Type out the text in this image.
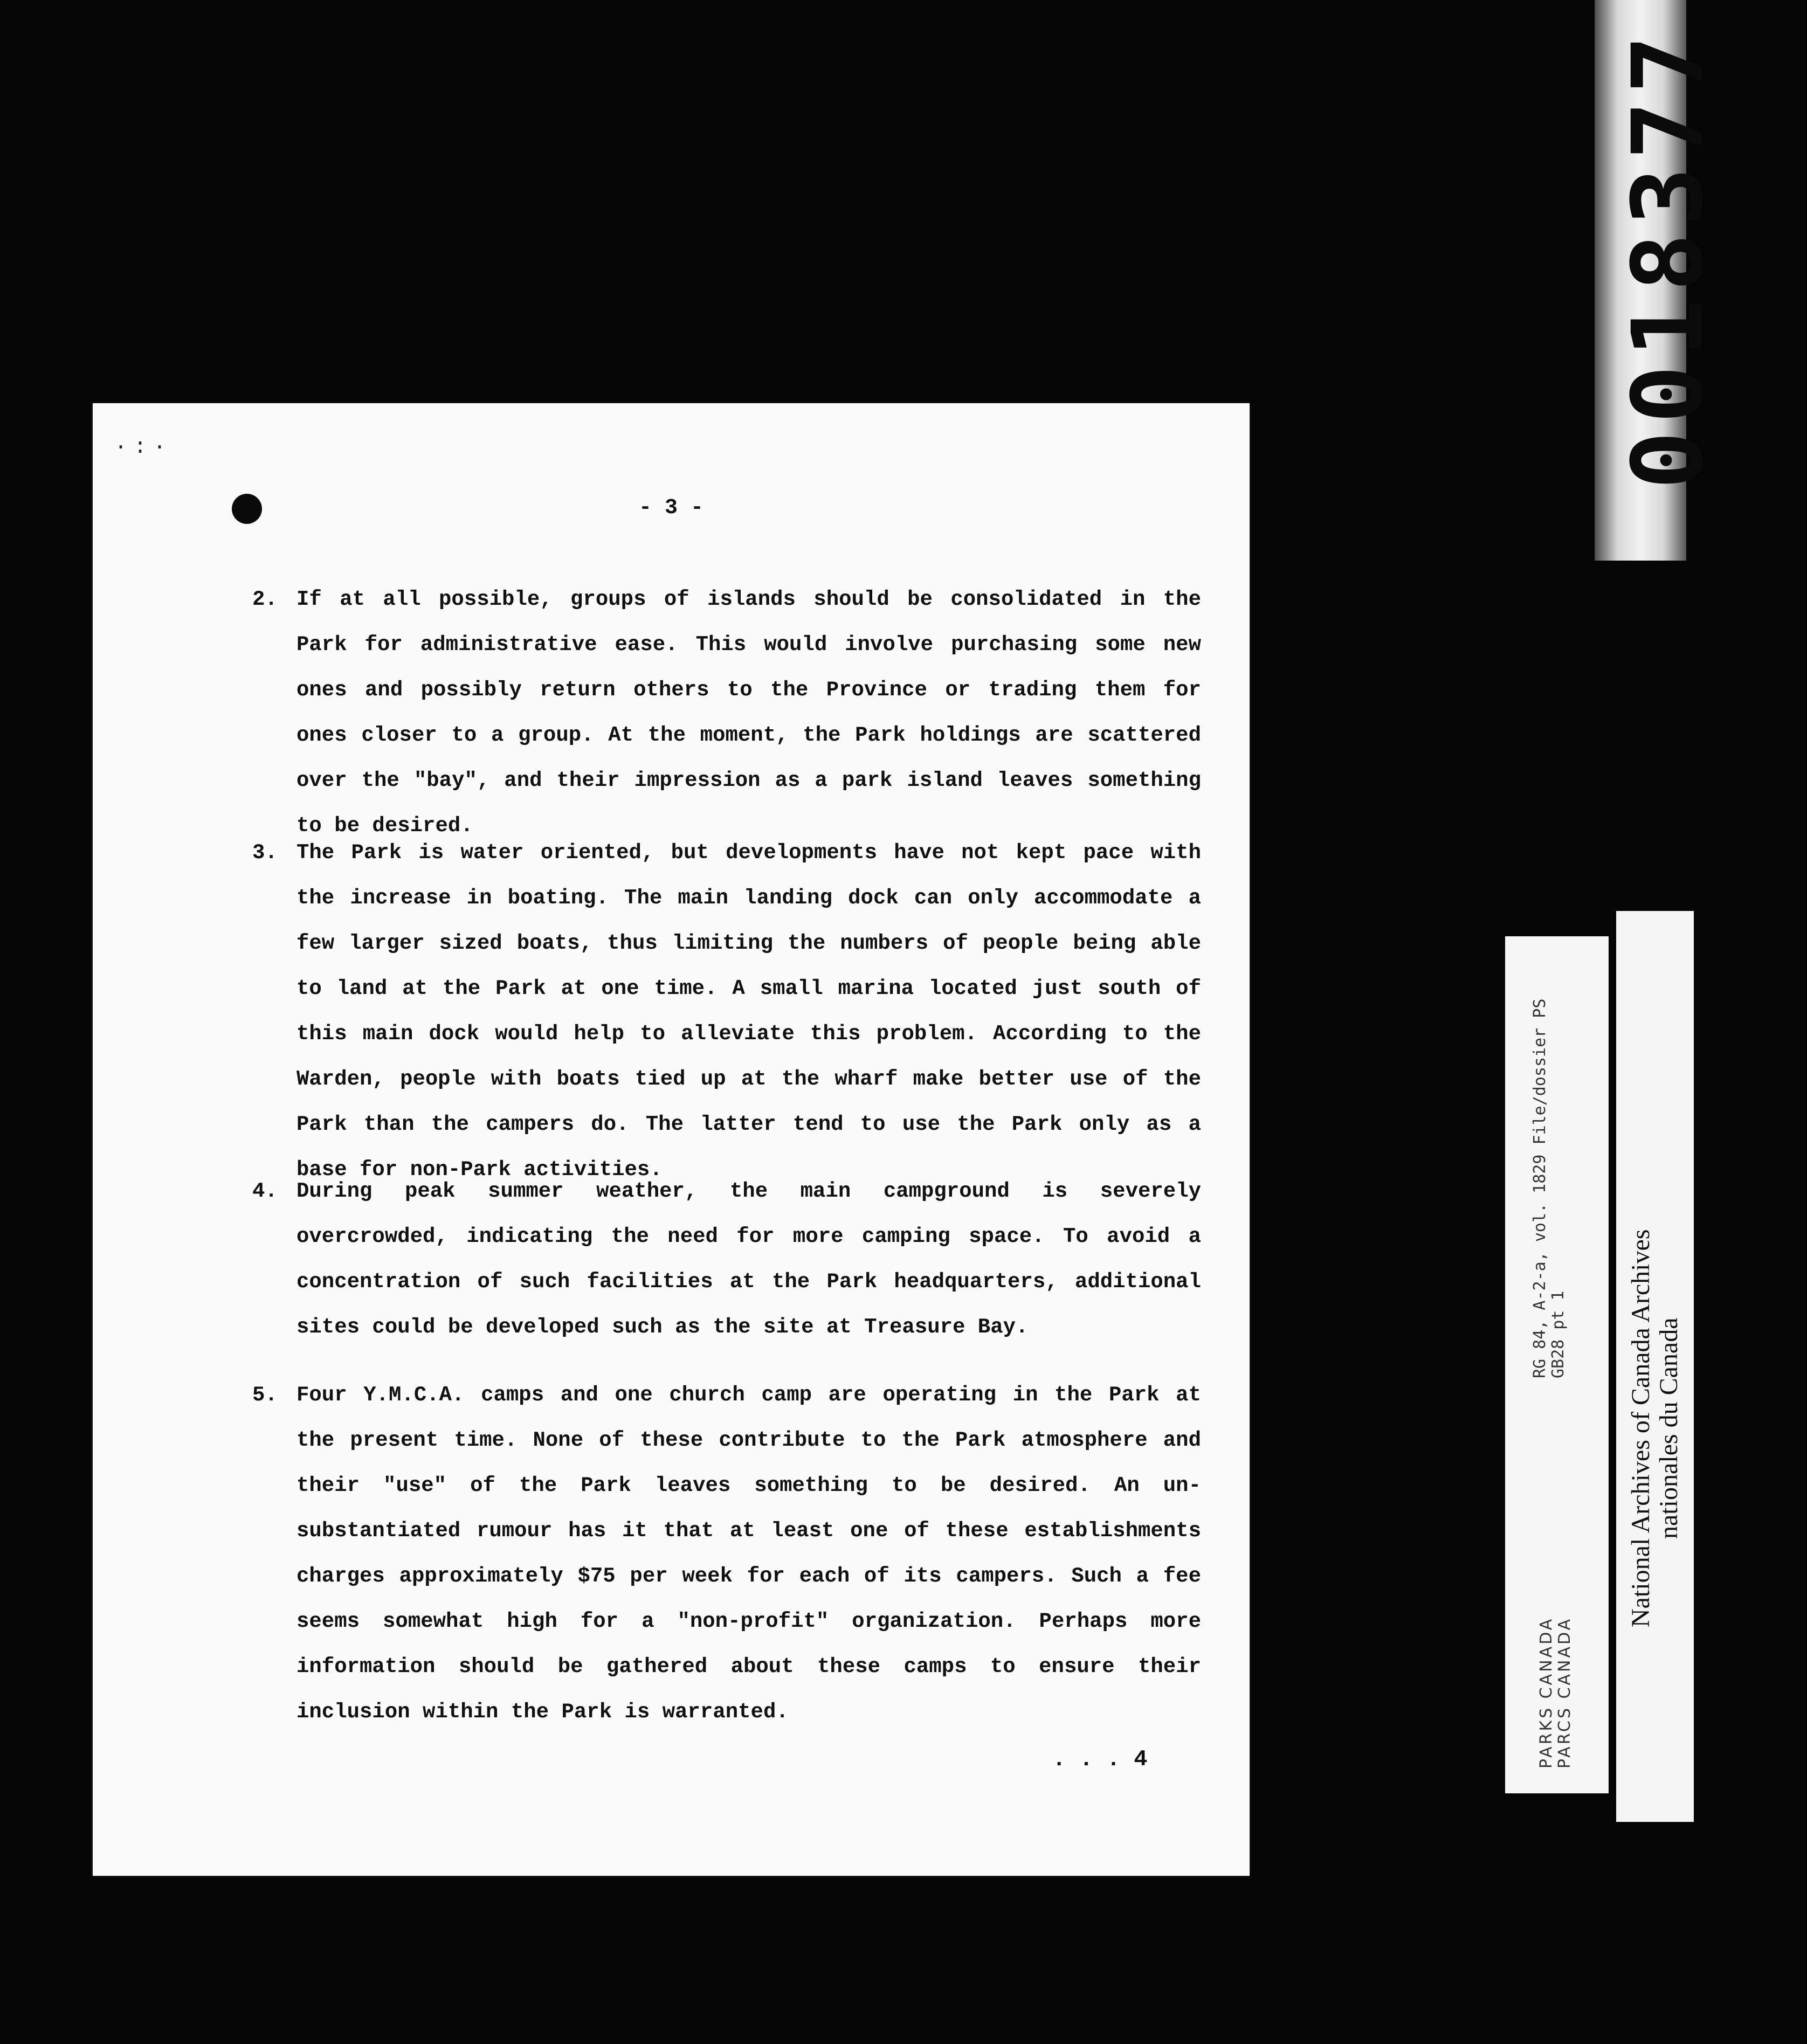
·:·
- 3 -
2. If at all possible, groups of islands should be consolidated in the Park for administrative ease. This would involve purchasing some new ones and possibly return others to the Province or trading them for ones closer to a group. At the moment, the Park holdings are scattered over the "bay", and their impression as a park island leaves something to be desired.
3. The Park is water oriented, but developments have not kept pace with the increase in boating. The main landing dock can only accommodate a few larger sized boats, thus limiting the numbers of people being able to land at the Park at one time. A small marina located just south of this main dock would help to alleviate this problem. According to the Warden, people with boats tied up at the wharf make better use of the Park than the campers do. The latter tend to use the Park only as a base for non-Park activities.
4. During peak summer weather, the main campground is severely overcrowded, indicating the need for more camping space. To avoid a concentration of such facilities at the Park headquarters, additional sites could be developed such as the site at Treasure Bay.
5. Four Y.M.C.A. camps and one church camp are operating in the Park at the present time. None of these contribute to the Park atmosphere and their "use" of the Park leaves something to be desired. An un-substantiated rumour has it that at least one of these establishments charges approximately $75 per week for each of its campers. Such a fee seems somewhat high for a "non-profit" organization. Perhaps more information should be gathered about these camps to ensure their inclusion within the Park is warranted.
. . . 4
0018377
RG 84, A-2-a, vol. 1829 File/dossier PS GB28 pt 1
PARKS CANADA PARCS CANADA
National Archives of Canada Archives nationales du Canada
